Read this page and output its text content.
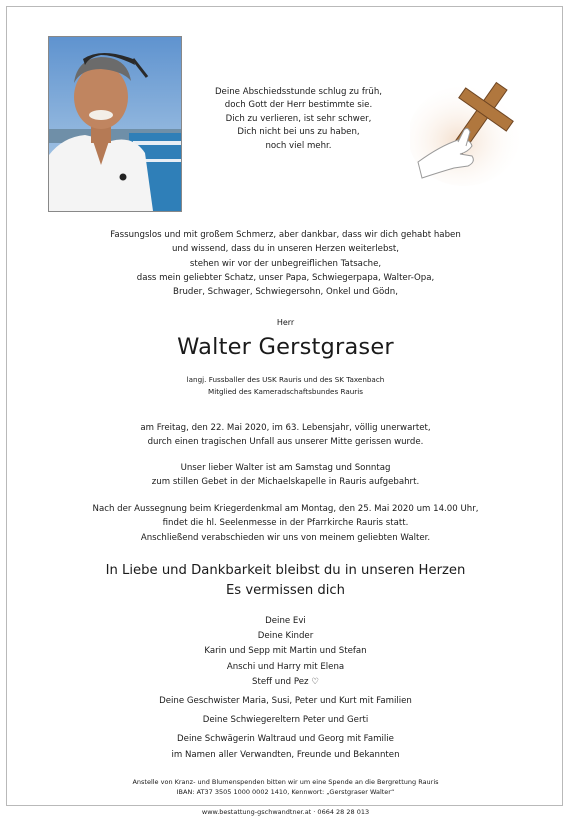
Deine Abschiedsstunde schlug zu früh,
doch Gott der Herr bestimmte sie.
Dich zu verlieren, ist sehr schwer,
Dich nicht bei uns zu haben,
noch viel mehr.
Fassungslos und mit großem Schmerz, aber dankbar, dass wir dich gehabt haben
und wissend, dass du in unseren Herzen weiterlebst,
stehen wir vor der unbegreiflichen Tatsache,
dass mein geliebter Schatz, unser Papa, Schwiegerpapa, Walter-Opa,
Bruder, Schwager, Schwiegersohn, Onkel und Gödn,
Herr
Walter Gerstgraser
langj. Fussballer des USK Rauris und des SK Taxenbach
Mitglied des Kameradschaftsbundes Rauris
am Freitag, den 22. Mai 2020, im 63. Lebensjahr, völlig unerwartet,
durch einen tragischen Unfall aus unserer Mitte gerissen wurde.
Unser lieber Walter ist am Samstag und Sonntag
zum stillen Gebet in der Michaelskapelle in Rauris aufgebahrt.
Nach der Aussegnung beim Kriegerdenkmal am Montag, den 25. Mai 2020 um 14.00 Uhr,
findet die hl. Seelenmesse in der Pfarrkirche Rauris statt.
Anschließend verabschieden wir uns von meinem geliebten Walter.
In Liebe und Dankbarkeit bleibst du in unseren Herzen
Es vermissen dich
Deine Evi
Deine Kinder
Karin und Sepp mit Martin und Stefan
Anschi und Harry mit Elena
Steff und Pez ♡
Deine Geschwister Maria, Susi, Peter und Kurt mit Familien
Deine Schwiegereltern Peter und Gerti
Deine Schwägerin Waltraud und Georg mit Familie
im Namen aller Verwandten, Freunde und Bekannten
Anstelle von Kranz- und Blumenspenden bitten wir um eine Spende an die Bergrettung Rauris
IBAN: AT37 3505 1000 0002 1410, Kennwort: „Gerstgraser Walter“
www.bestattung-gschwandtner.at · 0664 28 28 013
